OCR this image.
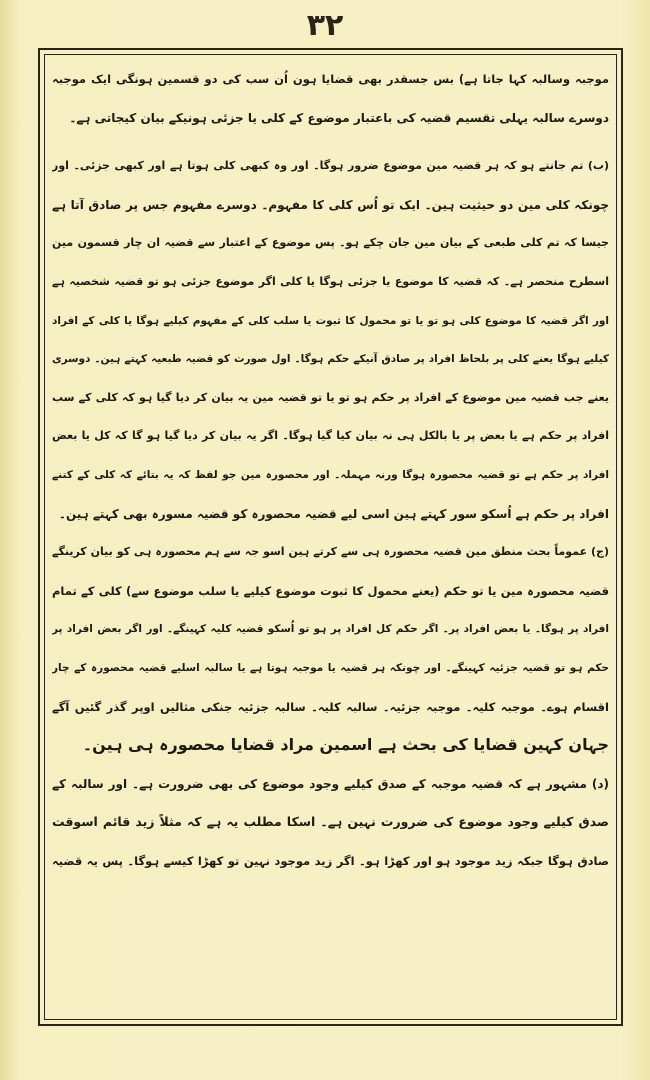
۳۲
موجبہ وسالبہ کہا جاتا ہے) بس جسقدر بھی قضایا ہون اُن سب کی دو قسمین ہونگی ایک موجبہ
دوسرے سالبہ یہلی تقسیم قضیہ کی باعتبار موضوع کے کلی یا جزئی ہونیکے بیان کیجاتی ہے۔
(ب) تم جانتے ہو کہ ہر قضیہ مین موضوع ضرور ہوگا۔ اور وہ کبھی کلی ہوتا ہے اور کبھی جزئی۔ اور
چونکہ کلی مین دو حیثیت ہین۔ ایک تو اُس کلی کا مفہوم۔ دوسرے مفہوم جس پر صادق آتا ہے
جیسا کہ تم کلی طبعی کے بیان مین جان چکے ہو۔ پس موضوع کے اعتبار سے قضیہ ان چار قسمون مین
اسطرح منحصر ہے۔ کہ قضیہ کا موضوع یا جزئی ہوگا یا کلی اگر موضوع جزئی ہو تو قضیہ شخصیہ ہے
اور اگر قضیہ کا موضوع کلی ہو تو یا تو محمول کا ثبوت یا سلب کلی کے مفہوم کیلیے ہوگا یا کلی کے افراد
کیلیے ہوگا یعنے کلی پر بلحاظ افراد پر صادق آنیکے حکم ہوگا۔ اول صورت کو قضیہ طبعیہ کہتے ہین۔ دوسری
یعنے جب قضیہ مین موضوع کے افراد پر حکم ہو تو یا تو قضیہ مین یہ بیان کر دیا گیا ہو کہ کلی کے سب
افراد پر حکم ہے یا بعض پر یا بالکل ہی نہ بیان کیا گیا ہوگا۔ اگر یہ بیان کر دیا گیا ہو گا کہ کل یا بعض
افراد پر حکم ہے تو قضیہ محصورہ ہوگا ورنہ مہملہ۔ اور محصورہ مین جو لفظ کہ یہ بتائے کہ کلی کے کتنے
افراد پر حکم ہے اُسکو سور کہتے ہین اسی لیے قضیہ محصورہ کو قضیہ مسورہ بھی کہتے ہین۔
(ج) عموماً بحث منطق مین قضیہ محصورہ ہی سے کرتے ہین اسو جہ سے ہم محصورہ ہی کو بیان کرینگے
قضیہ محصورہ مین یا تو حکم (یعنے محمول کا ثبوت موضوع کیلیے یا سلب موضوع سے) کلی کے تمام
افراد پر ہوگا۔ یا بعض افراد پر۔ اگر حکم کل افراد پر ہو تو اُسکو قضیہ کلیہ کہینگے۔ اور اگر بعض افراد پر
حکم ہو تو قضیہ جزئیہ کہینگے۔ اور چونکہ ہر قضیہ یا موجبہ ہوتا ہے یا سالبہ اسلیے قضیہ محصورہ کے چار
اقسام ہوے۔ موجبہ کلیہ۔ موجبہ جزئیہ۔ سالبہ کلیہ۔ سالبہ جزئیہ جنکی مثالیں اوپر گذر گئیں آگے
جہان کہین قضایا کی بحث ہے اسمین مراد قضایا محصورہ ہی ہین۔
(د) مشہور ہے کہ قضیہ موجبہ کے صدق کیلیے وجود موضوع کی بھی ضرورت ہے۔ اور سالبہ کے
صدق کیلیے وجود موضوع کی ضرورت نہین ہے۔ اسکا مطلب یہ ہے کہ مثلاً زید قائم اسوقت
صادق ہوگا جبکہ زید موجود ہو اور کھڑا ہو۔ اگر زید موجود نہین تو کھڑا کیسے ہوگا۔ پس یہ قضیہ
